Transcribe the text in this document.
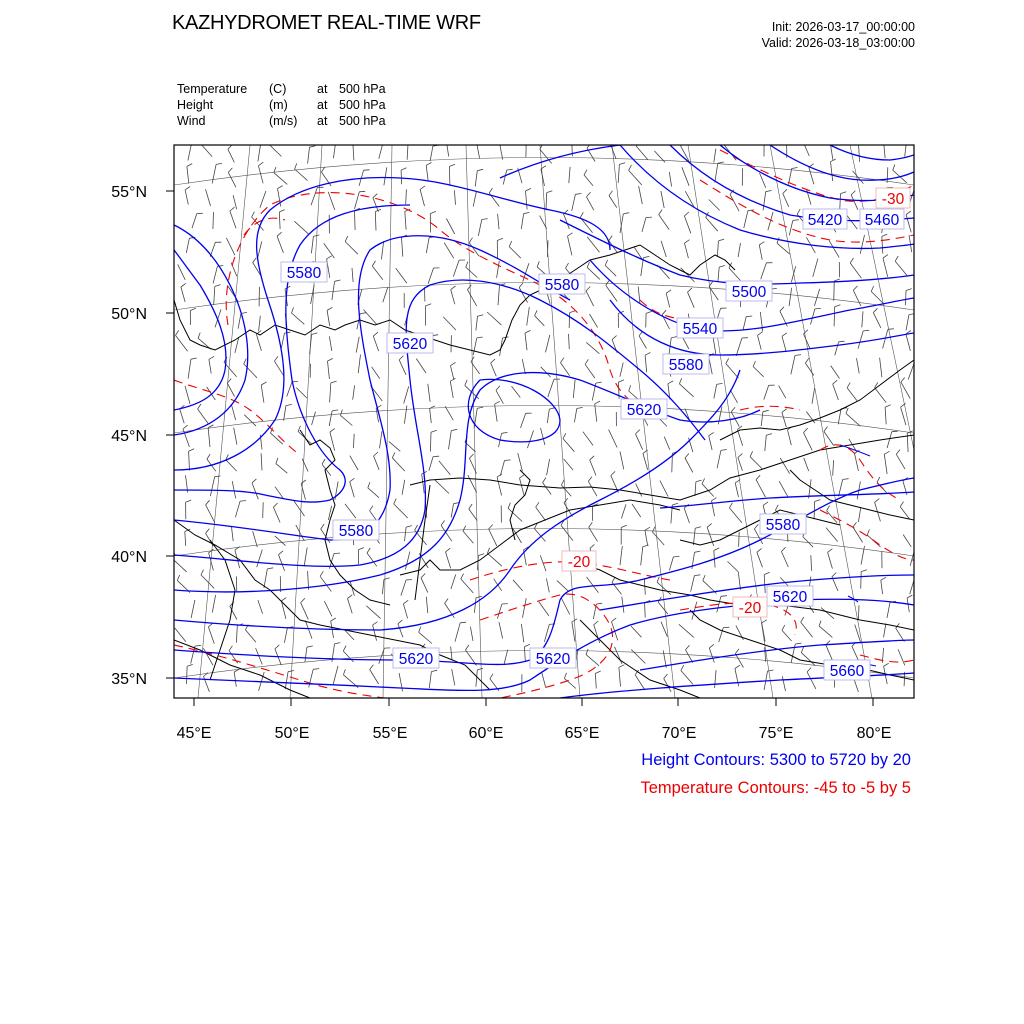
KAZHYDROMET REAL-TIME WRF	Init: 2026-03-17_00:00:00
Valid: 2026-03-18_03:00:00
Temperature (C) at 500 hPa
Height	(m) at 500 hPa
Wind	(m/s) at 500 hPa
45°E	50°E	55°E	60°E	65°E	70°E	75°E	80°E
55°N
50°N
45°N
40°N
35°N
5420 5460
5580
5580	5500
5620
5540
5580
5620
5580	5580
5620
5620	5620
5660
-30
-20
-20
Height Contours: 5300 to 5720 by 20
Temperature Contours: -45 to -5 by 5
